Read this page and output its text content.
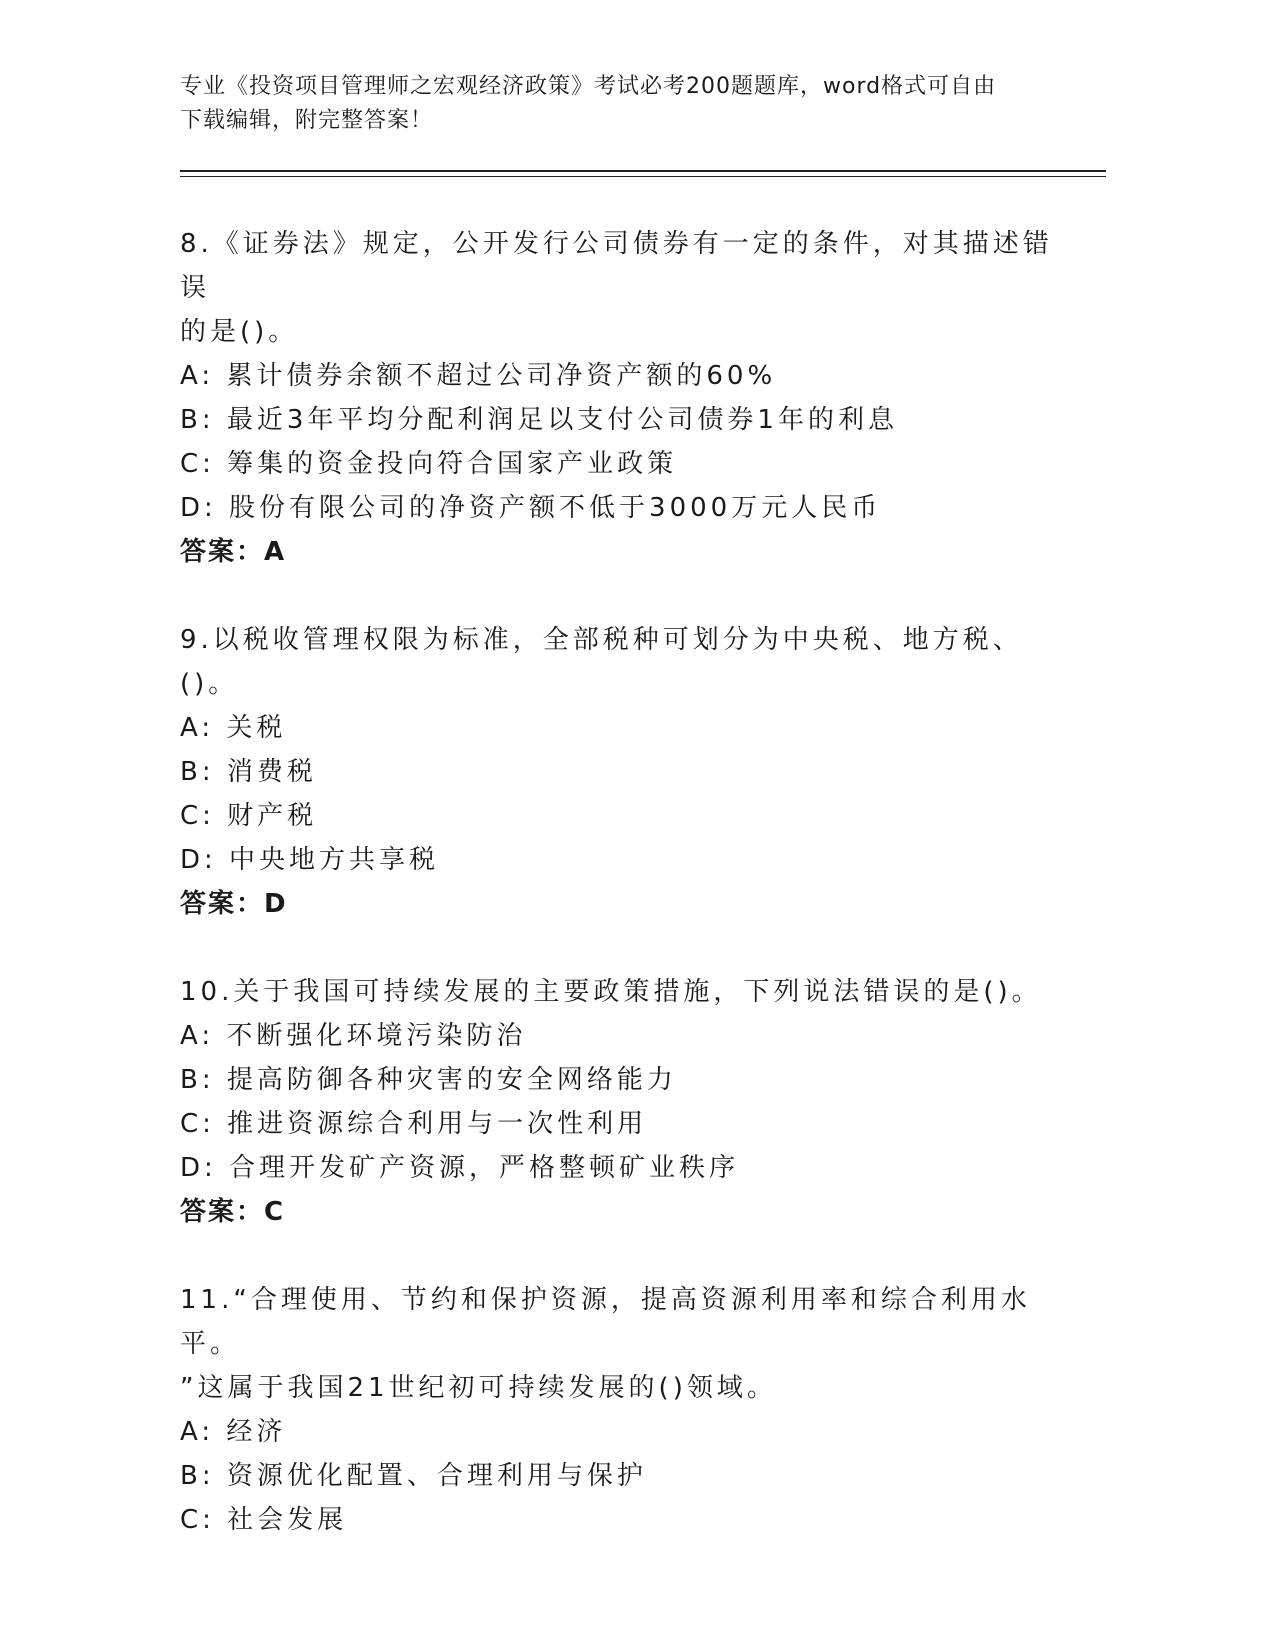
专业《投资项目管理师之宏观经济政策》考试必考200题题库，word格式可自由
下载编辑，附完整答案！
8.《证券法》规定，公开发行公司债券有一定的条件，对其描述错误
的是()。
A: 累计债券余额不超过公司净资产额的60%
B: 最近3年平均分配利润足以支付公司债券1年的利息
C: 筹集的资金投向符合国家产业政策
D: 股份有限公司的净资产额不低于3000万元人民币
答案：A
9.以税收管理权限为标准，全部税种可划分为中央税、地方税、()。
A: 关税
B: 消费税
C: 财产税
D: 中央地方共享税
答案：D
10.关于我国可持续发展的主要政策措施，下列说法错误的是()。
A: 不断强化环境污染防治
B: 提高防御各种灾害的安全网络能力
C: 推进资源综合利用与一次性利用
D: 合理开发矿产资源，严格整顿矿业秩序
答案：C
11.“合理使用、节约和保护资源，提高资源利用率和综合利用水平。
”这属于我国21世纪初可持续发展的()领域。
A: 经济
B: 资源优化配置、合理利用与保护
C: 社会发展
